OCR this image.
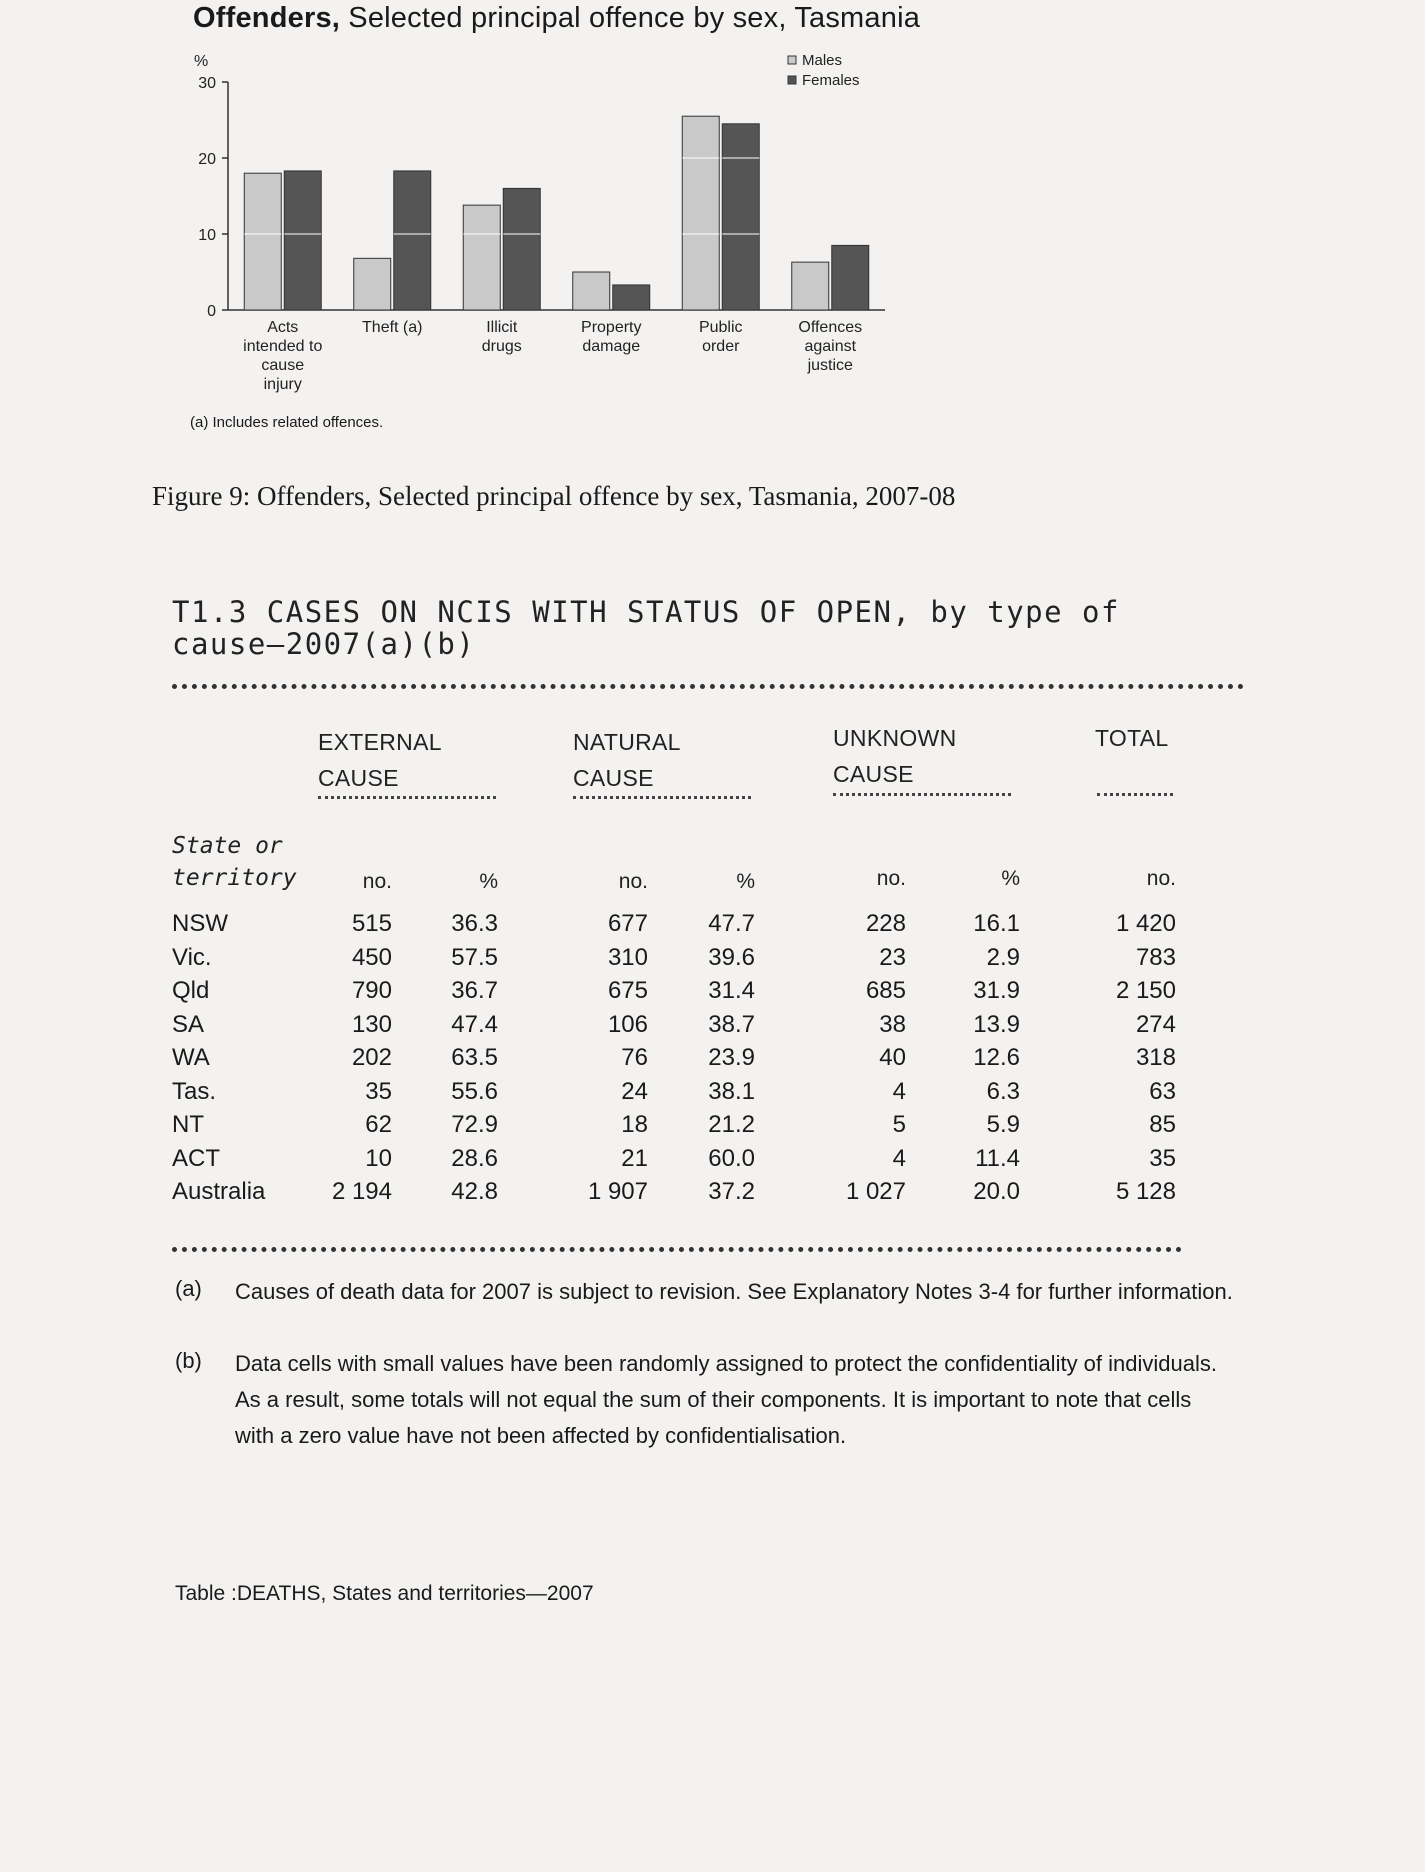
Offenders, Selected principal offence by sex, Tasmania
%
0
10
20
30
Acts intended to cause injury
Theft (a)	Illicit drugs
Property damage
Public order
Offences against justice
Males
Females
(a) Includes related offences.
Figure 9: Offenders, Selected principal offence by sex, Tasmania, 2007-08
T1.3 CASES ON NCIS WITH STATUS OF OPEN, by type of cause—2007(a)(b)
EXTERNAL
CAUSE
NATURAL
CAUSE
UNKNOWN
CAUSE
TOTAL
State or
territory	no.	%	no.	%	no.	%	no.
NSW	515	36.3	677	47.7	228	16.1	1 420
Vic.	450	57.5	310	39.6	23	2.9	783
Qld	790	36.7	675	31.4	685	31.9	2 150
SA	130	47.4	106	38.7	38	13.9	274
WA	202	63.5	76	23.9	40	12.6	318
Tas.	35	55.6	24	38.1	4	6.3	63
NT	62	72.9	18	21.2	5	5.9	85
ACT	10	28.6	21	60.0	4	11.4	35
Australia	2 194	42.8	1 907	37.2	1 027	20.0	5 128
(a) Causes of death data for 2007 is subject to revision. See Explanatory Notes 3-4 for further information.
(b) Data cells with small values have been randomly assigned to protect the confidentiality of individuals. As a result, some totals will not equal the sum of their components. It is important to note that cells with a zero value have not been affected by confidentialisation.
Table :DEATHS, States and territories—2007
